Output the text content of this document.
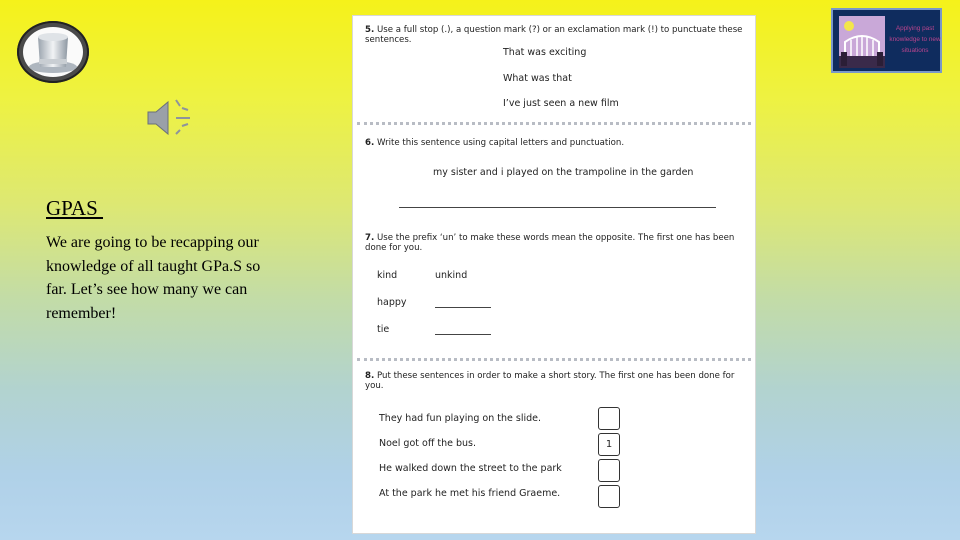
GPAS
We are going to be recapping our knowledge of all taught GPa.S so far. Let’s see how many we can remember!
5. Use a full stop (.), a question mark (?) or an exclamation mark (!) to punctuate these sentences.
That was exciting
What was that
I’ve just seen a new film
6. Write this sentence using capital letters and punctuation.
my sister and i played on the trampoline in the garden
7. Use the prefix ‘un’ to make these words mean the opposite. The first one has been done for you.
kind	unkind
happy
tie
8. Put these sentences in order to make a short story. The first one has been done for you.
They had fun playing on the slide.
Noel got off the bus.	1
He walked down the street to the park
At the park he met his friend Graeme.
Applying past knowledge to new situations
